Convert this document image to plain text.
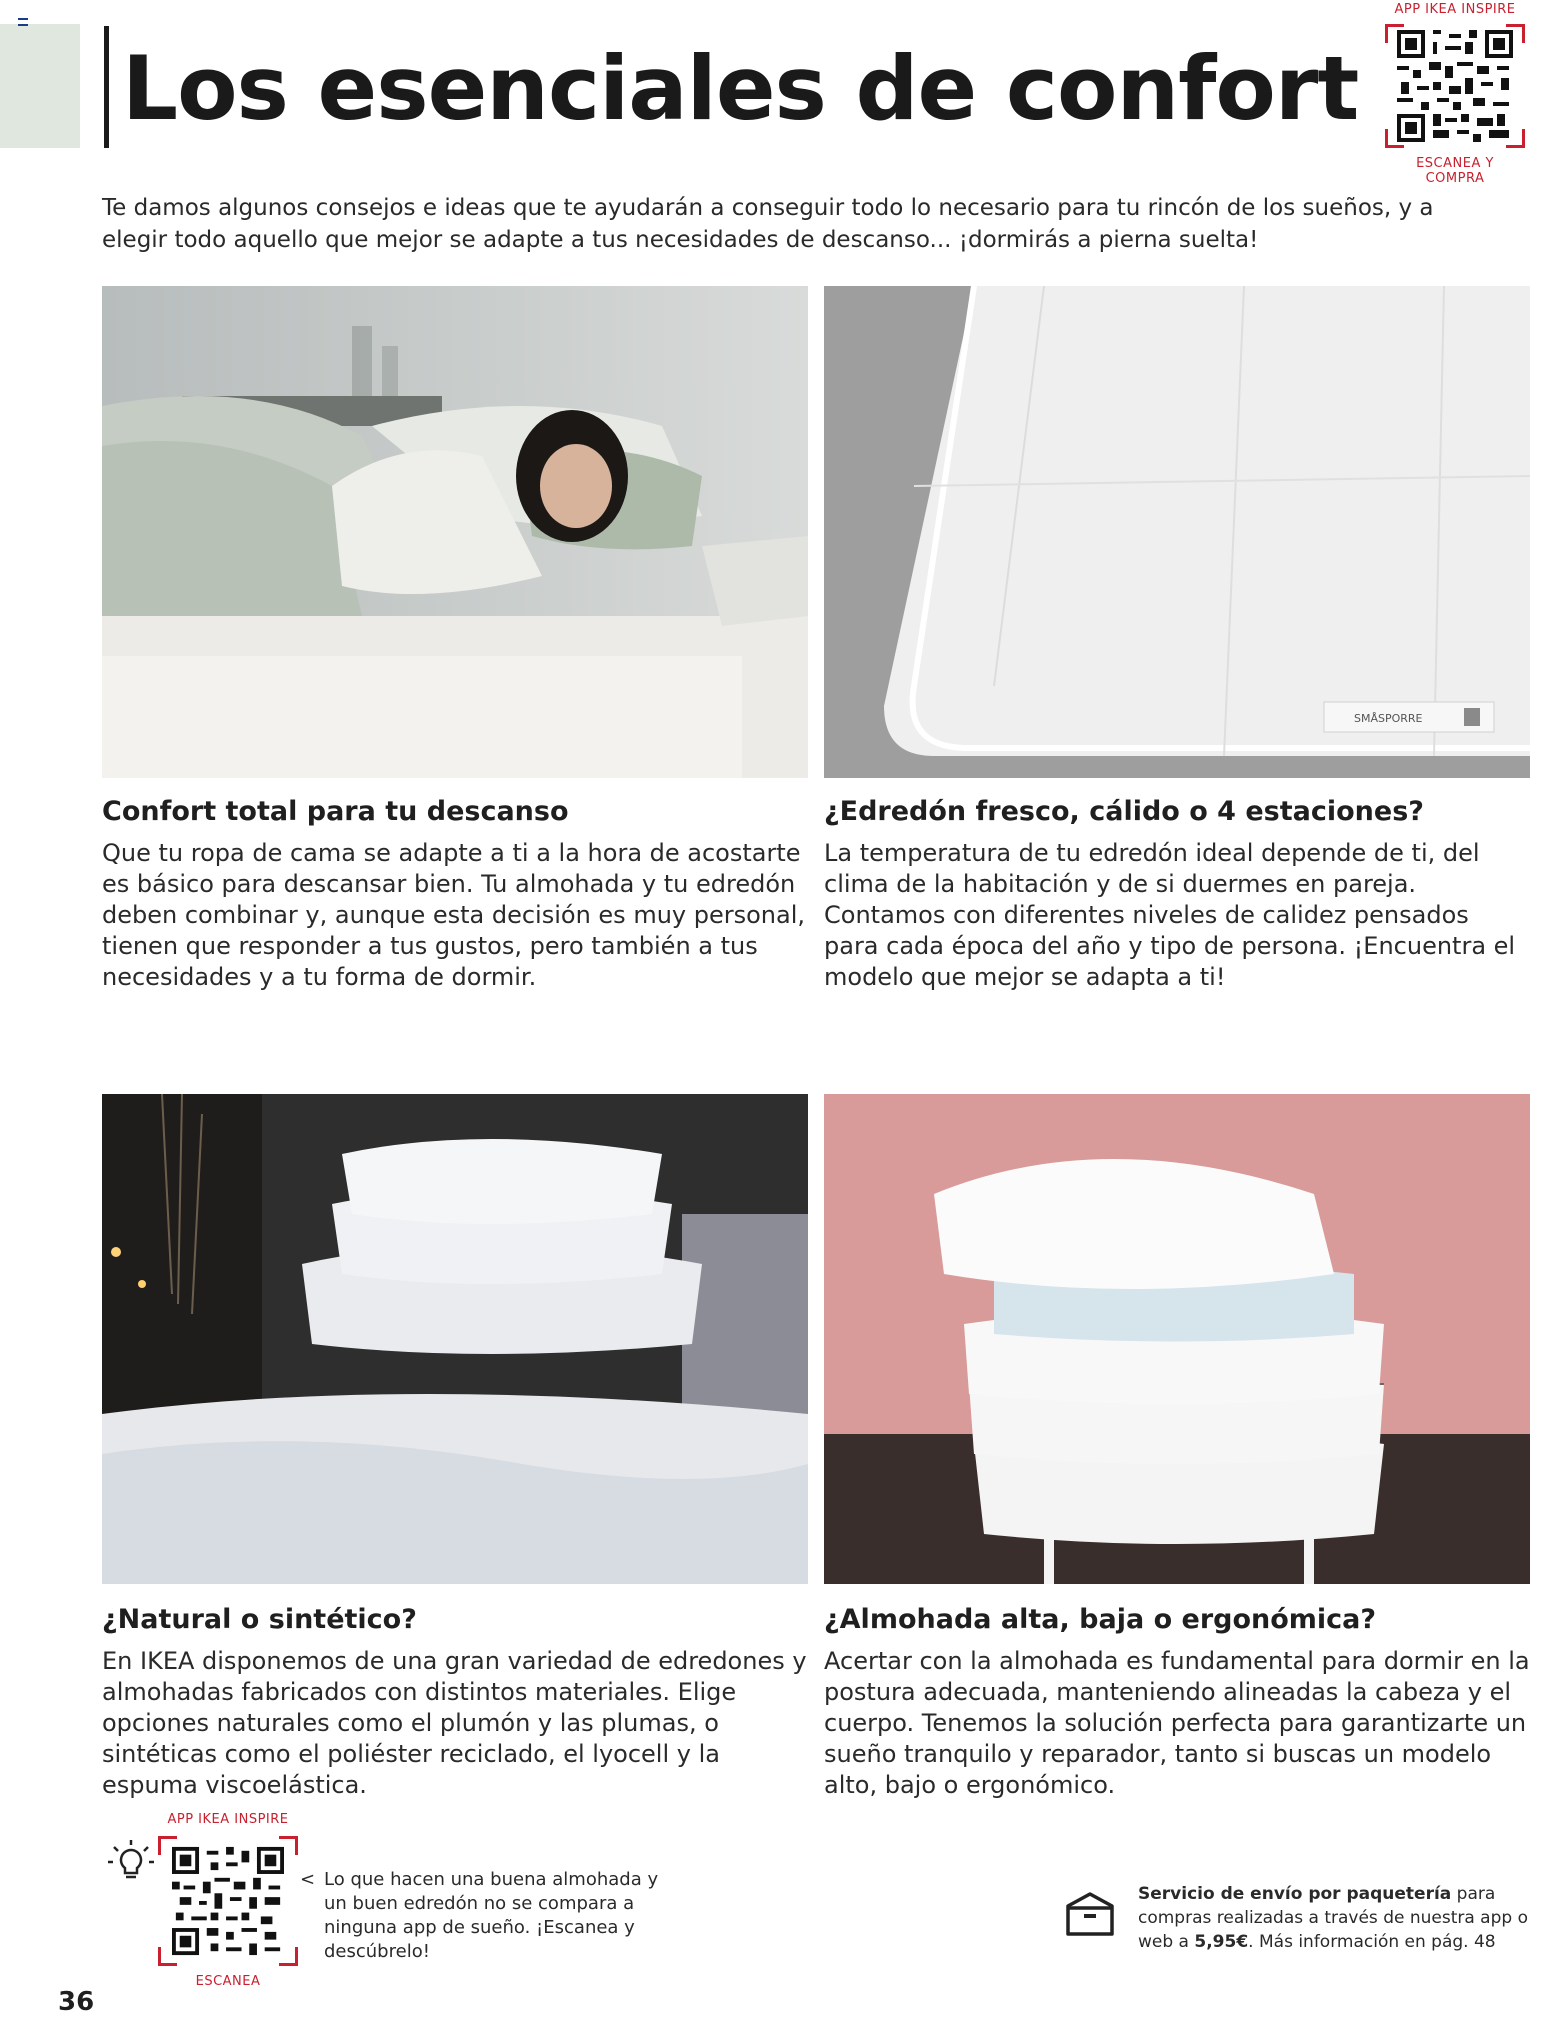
Los esenciales de confort
APP IKEA INSPIRE
ESCANEA Y COMPRA

Te damos algunos consejos e ideas que te ayudarán a conseguir todo lo necesario para tu rincón de los sueños, y a elegir todo aquello que mejor se adapte a tus necesidades de descanso... ¡dormirás a pierna suelta!

SMÅSPORRE
Confort total para tu descanso

Que tu ropa de cama se adapte a ti a la hora de acostarte es básico para descansar bien. Tu almohada y tu edredón deben combinar y, aunque esta decisión es muy personal, tienen que responder a tus gustos, pero también a tus necesidades y a tu forma de dormir.

¿Edredón fresco, cálido o 4 estaciones?

La temperatura de tu edredón ideal depende de ti, del clima de la habitación y de si duermes en pareja. Contamos con diferentes niveles de calidez pensados para cada época del año y tipo de persona. ¡Encuentra el modelo que mejor se adapta a ti!

¿Natural o sintético?

En IKEA disponemos de una gran variedad de edredones y almohadas fabricados con distintos materiales. Elige opciones naturales como el plumón y las plumas, o sintéticas como el poliéster reciclado, el lyocell y la espuma viscoelástica.

¿Almohada alta, baja o ergonómica?

Acertar con la almohada es fundamental para dormir en la postura adecuada, manteniendo alineadas la cabeza y el cuerpo. Tenemos la solución perfecta para garantizarte un sueño tranquilo y reparador, tanto si buscas un modelo alto, bajo o ergonómico.

APP IKEA INSPIRE
ESCANEA
< Lo que hacen una buena almohada y un buen edredón no se compara a ninguna app de sueño. ¡Escanea y descúbrelo!

Servicio de envío por paquetería para compras realizadas a través de nuestra app o web a 5,95€. Más información en pág. 48

36
